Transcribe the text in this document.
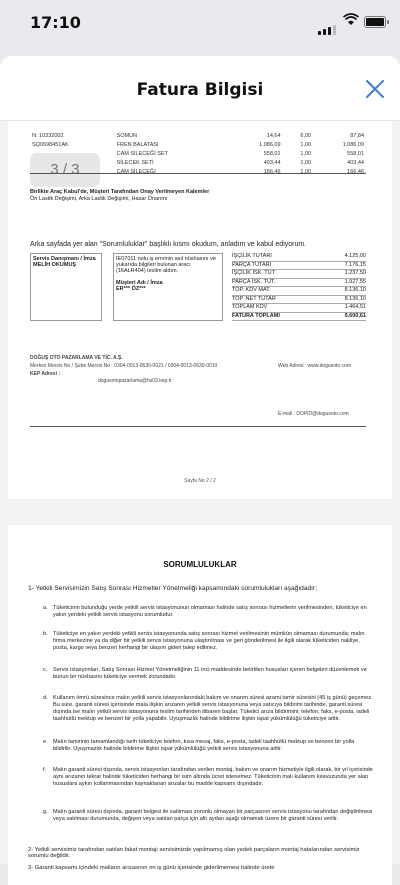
17:10
Fatura Bilgisi
N: 10332002	SOMUN	14,64	6,00	87,84
SQ0698451AK	FREN BALATASI	1.086,09	1,00	1.086,09
	CAM SİLECEĞİ SET	558,01	1,00	558,01
	SİLECEK SETİ	403,44	1,00	403,44
	CAM SİLECEĞİ	166,46	1,00	166,46
3 / 3
Birlikte Araç Kabul'de, Müşteri Tarafından Onay Verilmeyen Kalemler
Ön Lastik Değişimi, Arka Lastik Değişimi, Hasar Onarımı
Arka sayfada yer alan "Sorumluluklar" başlıklı kısmı okudum, anladım ve kabul ediyorum.
Servis Danışmanı / İmza
MELİH OKUMUŞ
IE07011 nolu iş emrinin asıl nüshasını ve yukarıda bilgileri bulunan aracı (16ALR404) teslim aldım.
Müşteri Adı / İmza
ER*** ÖZ***
İŞÇİLİK TUTARI	4.125,00
PARÇA TUTARI	7.176,15
İŞÇİLİK İSK. TUT.	1.237,50
PARÇA İSK. TUT.	1.927,55
TOP. KDV MAT.	8.136,10
TOP. NET TUTAR	8.136,10
TOPLAM KDV	1.464,51
FATURA TOPLAMI	9.600,61
DOĞUŞ OTO PAZARLAMA VE TİC. A.Ş.
Merkez Mersis No / Şube Mersis No : 0304-0013-0630-0021 / 0304-0013-0630-0010
KEP Adresi :
dogusotopazarlama@hs03.kep.tr
Web Adresi : www.dogusoto.com
E-mail : DOPID@dogusoto.com
Sayfa No 2 / 2
SORUMLULUKLAR
1- Yetkili Servisimizin Satış Sonrası Hizmetler Yönetmeliği kapsamındaki sorumlulukları aşağıdadır;
a. Tüketicinin bulunduğu yerde yetkili servis istasyonunun olmaması halinde satış sonrası hizmetlerin verilmesinden, tüketiciye en yakın yerdeki yetkili servis istasyonu sorumludur.
b. Tüketiciye en yakın yerdeki yetkili servis istasyonunda satış sonrası hizmet verilmesinin mümkün olmaması durumunda; malın firma merkezine ya da diğer bir yetkili servis istasyonuna ulaştırılması ve geri gönderilmesi ile ilgili olarak tüketiciden nakliye, posta, kargo veya benzeri herhangi bir ulaşım gideri talep edilmez.
c. Servis istasyonları, Satış Sonrası Hizmet Yönetmeliğinin 11 inci maddesinde belirtilen hususları içeren belgeleri düzenlemek ve bunun bir nüshasını tüketiciye vermek zorundadır.
d. Kullanım ömrü süresince malın yetkili servis istasyonlarındaki bakım ve onarım süresi azami tamir süresini (45 iş günü) geçemez. Bu süre, garanti süresi içerisinde mala ilişkin arızanın yetkili servis istasyonuna veya satıcıya bildirimi tarihinde, garanti süresi dışında ise malın yetkili servis istasyonuna teslim tarihinden itibaren başlar. Tüketici arıza bildirimini; telefon, faks, e-posta, iadeli taahhütlü mektup ve benzeri bir yolla yapabilir. Uyuşmazlık halinde bildirime ilişkin ispat yükümlülüğü tüketiciye aittir.
e. Malın tamirinin tamamlandığı tarih tüketiciye telefon, kısa mesaj, faks, e-posta, iadeli taahhütlü mektup ve benzeri bir yolla bildirilir. Uyuşmazlık halinde bildirime ilişkin ispat yükümlülüğü yetkili servis istasyonuna aittir.
f. Malın garanti süresi dışında, servis istasyonları tarafından verilen montaj, bakım ve onarım hizmetiyle ilgili olarak, bir yıl içerisinde aynı arızanın tekrar halinde tüketiciden herhangi bir isim altında ücret istenemez. Tüketicinin malı kullanım kılavuzunda yer alan hususlara aykırı kullanmasından kaynaklanan arızalar bu madde kapsamı dışındadır.
g. Malın garanti süresi dışında, garanti belgesi ile satılması zorunlu olmayan bir parçasının servis istasyonu tarafından değiştirilmesi veya satılması durumunda, değişen veya satılan parça için altı aydan aşağı olmamak üzere bir garanti süresi verilir.
2- Yetkili servisimiz tarafından satılan fakat montajı servisimizde yapılmamış olan yedek parçaların montaj hatalarından servisimiz sorumlu değildir.
3- Garanti kapsamı içindeki malların arızasının on iş günü içerisinde giderilmemesi halinde ürete
